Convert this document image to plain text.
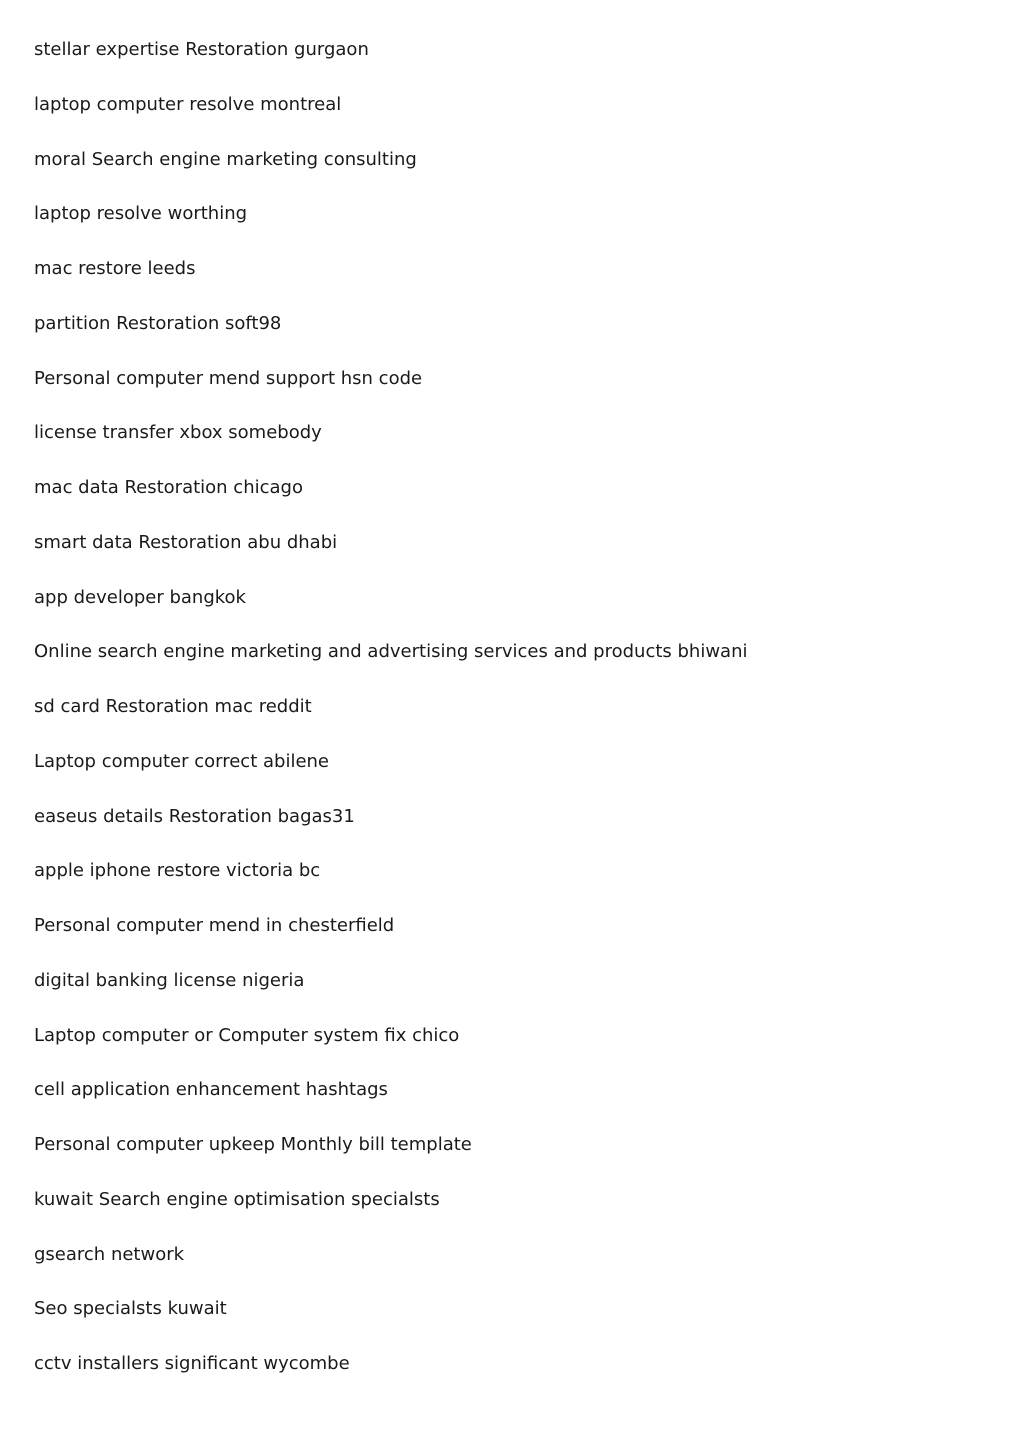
stellar expertise Restoration gurgaon
laptop computer resolve montreal
moral Search engine marketing consulting
laptop resolve worthing
mac restore leeds
partition Restoration soft98
Personal computer mend support hsn code
license transfer xbox somebody
mac data Restoration chicago
smart data Restoration abu dhabi
app developer bangkok
Online search engine marketing and advertising services and products bhiwani
sd card Restoration mac reddit
Laptop computer correct abilene
easeus details Restoration bagas31
apple iphone restore victoria bc
Personal computer mend in chesterfield
digital banking license nigeria
Laptop computer or Computer system fix chico
cell application enhancement hashtags
Personal computer upkeep Monthly bill template
kuwait Search engine optimisation specialsts
gsearch network
Seo specialsts kuwait
cctv installers significant wycombe
